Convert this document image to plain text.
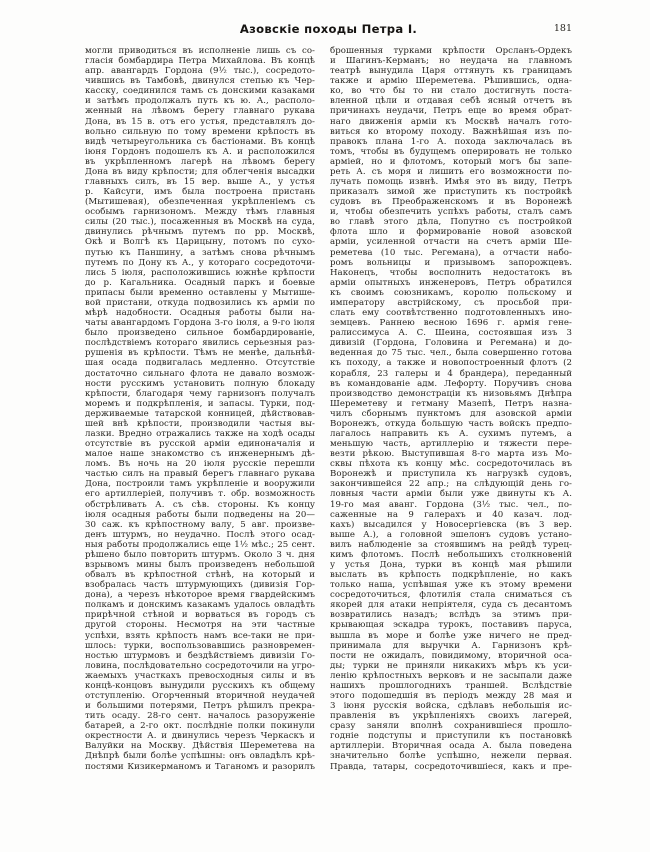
Азовскіе походы Петра I.	181
могли приводиться въ исполненіе лишь съ со-
гласія бомбардира Петра Михайлова. Въ концѣ
апр. авангардъ Гордона (9½ тыс.), сосредото-
чившись въ Тамбовѣ, двинулся степью къ Чер-
касску, соединился тамъ съ донскими казаками
и затѣмъ продолжалъ путь къ ю. А., располо-
женный на лѣвомъ берегу главнаго рукава
Дона, въ 15 в. отъ его устья, представлялъ до-
вольно сильную по тому времени крѣпость въ
видѣ четыреугольника съ бастіонами. Въ концѣ
іюня Гордонъ подошелъ къ А. и расположился
въ укрѣпленномъ лагерѣ на лѣвомъ берегу
Дона въ виду крѣпости; для облегченія высадки
главныхъ силъ, въ 15 вер. выше А., у устья
р. Кайсуги, имъ была построена пристань
(Мытишевая), обезпеченная укрѣпленіемъ съ
особымъ гарнизономъ. Между тѣмъ главныя
силы (20 тыс.), посаженныя въ Москвѣ на суда,
двинулись рѣчнымъ путемъ по рр. Москвѣ,
Окѣ и Волгѣ къ Царицыну, потомъ по сухо-
путью къ Паншину, а затѣмъ снова рѣчнымъ
путемъ по Дону къ А., у котораго сосредоточи-
лись 5 іюля, расположившись южнѣе крѣпости
до р. Кагальника. Осадный паркъ и боевые
припасы были временно оставлены у Мытише-
вой пристани, откуда подвозились къ арміи по
мѣрѣ надобности. Осадныя работы были на-
чаты авангардомъ Гордона 3-го іюля, а 9-го іюля
было произведено сильное бомбардированіе,
послѣдствіемъ котораго явились серьезныя раз-
рушенія въ крѣпости. Тѣмъ не менѣе, дальнѣй-
шая осада подвигалась медленно. Отсутствіе
достаточно сильнаго флота не давало возмож-
ности русскимъ установить полную блокаду
крѣпости, благодаря чему гарнизонъ получалъ
моремъ и подкрѣпленія, и запасы. Турки, под-
держиваемые татарской конницей, дѣйствовав-
шей внѣ крѣпости, производили частыя вы-
лазки. Вредно отражались также на ходѣ осады
отсутствіе въ русской арміи единоначалія и
малое наше знакомство съ инженернымъ дѣ-
ломъ. Въ ночь на 20 іюля русскіе перешли
частью силъ на правый берегъ главнаго рукава
Дона, построили тамъ укрѣпленіе и вооружили
его артиллеріей, получивъ т. обр. возможность
обстрѣливать А. съ сѣв. стороны. Къ концу
іюля осадныя работы были подведены на 20—
30 саж. къ крѣпостному валу, 5 авг. произве-
денъ штурмъ, но неудачно. Послѣ этого осад-
ныя работы продолжались еще 1½ мѣс.; 25 сент.
рѣшено было повторить штурмъ. Около 3 ч. дня
взрывомъ мины былъ произведенъ небольшой
обвалъ въ крѣпостной стѣнѣ, на который и
взобралась часть штурмующихъ (дивизія Гор-
дона), а черезъ нѣкоторое время гвардейскимъ
полкамъ и донскимъ казакамъ удалось овладѣть
прирѣчной стѣной и ворваться въ городъ съ
другой стороны. Несмотря на эти частные
успѣхи, взять крѣпость намъ все-таки не при-
шлось: турки, воспользовавшись разновремен-
ностью штурмовъ и бездѣйствіемъ дивизіи Го-
ловина, послѣдовательно сосредоточили на угро-
жаемыхъ участкахъ превосходныя силы и въ
концѣ-концовъ вынудили русскихъ къ общему
отступленію. Огорченный вторичной неудачей
и большими потерями, Петръ рѣшилъ прекра-
тить осаду. 28-го сент. началось разоруженіе
батарей, а 2-го окт. послѣдніе полки покинули
окрестности А. и двинулись черезъ Черкаскъ и
Валуйки на Москву. Дѣйствія Шереметева на
Днѣпрѣ были болѣе успѣшны: онъ овладѣлъ крѣ-
постями Кизикерманомъ и Таганомъ и разорилъ
брошенныя турками крѣпости Орсланъ-Ордекъ
и Шагинъ-Керманъ; но неудача на главномъ
театрѣ вынудила Царя оттянуть къ границамъ
также и армію Шереметева. Рѣшившись, одна-
ко, во что бы то ни стало достигнуть поста-
вленной цѣли и отдавая себѣ ясный отчетъ въ
причинахъ неудачи, Петръ еще во время обрат-
наго движенія арміи къ Москвѣ началъ гото-
виться ко второму походу. Важнѣйшая изъ по-
правокъ плана 1-го А. похода заключалась въ
томъ, чтобы въ будущемъ оперировать не только
арміей, но и флотомъ, который могъ бы запе-
реть А. съ моря и лишить его возможности по-
лучать помощь извнѣ. Имѣя это въ виду, Петръ
приказалъ зимой же приступить къ постройкѣ
судовъ въ Преображенскомъ и въ Воронежѣ
и, чтобы обезпечить успѣхъ работы, сталъ самъ
во главѣ этого дѣла, Попутно съ постройкой
флота шло и формированіе новой азовской
арміи, усиленной отчасти на счетъ арміи Ше-
реметева (10 тыс. Регемана), а отчасти набо-
ромъ вольницы и призывомъ запорожцевъ.
Наконецъ, чтобы восполнить недостатокъ въ
арміи опытныхъ инженеровъ, Петръ обратился
къ своимъ союзникамъ, королю польскому и
императору австрійскому, съ просьбой при-
слать ему соотвѣтственно подготовленныхъ ино-
земцевъ. Раннею весною 1696 г. армія гене-
ралиссимуса А. С. Шеина, состоявшая изъ 3
дивизій (Гордона, Головина и Регемана) и до-
веденная до 75 тыс. чел., была совершенно готова
къ походу, а также и новопостроенный флотъ (2
корабля, 23 галеры и 4 брандера), переданный
въ командованіе адм. Лефорту. Поручивъ снова
производство демонстраціи къ низовьямъ Днѣпра
Шереметеву и гетману Мазепѣ, Петръ назна-
чилъ сборнымъ пунктомъ для азовской арміи
Воронежъ, откуда большую часть войскъ предпо-
лагалось направить къ А. сухимъ путемъ, а
меньшую часть, артиллерію и тяжести пере-
везти рѣкою. Выступившая 8-го марта изъ Мо-
сквы пѣхота къ концу мѣс. сосредоточилась въ
Воронежѣ и приступила къ нагрузкѣ судовъ,
закончившейся 22 апр.; на слѣдующій день го-
ловныя части арміи были уже двинуты къ А.
19-го мая аванг. Гордона (3½ тыс. чел., по-
саженные на 9 галерахъ и 40 казач. лод-
кахъ) высадился у Новосергіевска (въ 3 вер.
выше А.), а головной эшелонъ судовъ устано-
вилъ наблюденіе за стоявшимъ на рейдѣ турец-
кимъ флотомъ. Послѣ небольшихъ столкновеній
у устья Дона, турки въ концѣ мая рѣшили
выслать въ крѣпость подкрѣпленіе, но какъ
только наша, успѣвшая уже къ этому времени
сосредоточиться, флотилія стала сниматься съ
якорей для атаки непріятеля, суда съ десантомъ
возвратились назадъ; вслѣдъ за этимъ при-
крывающая эскадра турокъ, поставивъ паруса,
вышла въ море и болѣе уже ничего не пред-
принимала для выручки А. Гарнизонъ крѣ-
пости не ожидалъ, повидимому, вторичной оса-
ды; турки не приняли никакихъ мѣръ къ уси-
ленію крѣпостныхъ верковъ и не засыпали даже
нашихъ прошлогоднихъ траншей. Вслѣдствіе
этого подошедшія въ періодъ между 28 мая и
3 іюня русскія войска, сдѣлавъ небольшія ис-
правленія въ укрѣпленіяхъ своихъ лагерей,
сразу заняли вполнѣ сохранившіеся прошло-
годніе подступы и приступили къ постановкѣ
артиллеріи. Вторичная осада А. была поведена
значительно болѣе успѣшно, нежели первая.
Правда, татары, сосредоточившіеся, какъ и пре-
